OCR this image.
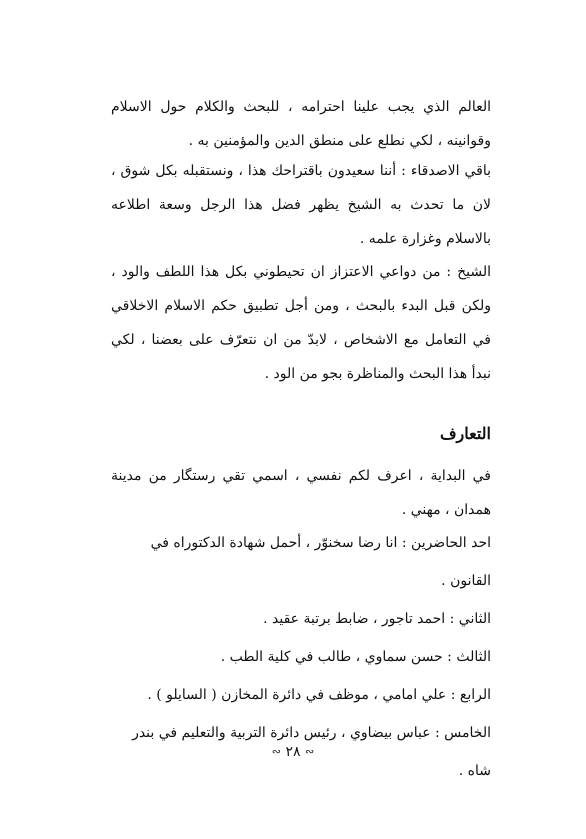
العالم الذي يجب علينا احترامه ، للبحث والكلام حول الاسلام وقوانينه ، لكي نطلع على منطق الدين والمؤمنين به .

باقي الاصدقاء : أننا سعيدون باقتراحك هذا ، ونستقبله بكل شوق ، لان ما تحدث به الشيخ يظهر فضل هذا الرجل وسعة اطلاعه بالاسلام وغزارة علمه .

الشيخ : من دواعي الاعتزاز ان تحيطوني بكل هذا اللطف والود ، ولكن قبل البدء بالبحث ، ومن أجل تطبيق حكم الاسلام الاخلاقي في التعامل مع الاشخاص ، لابدّ من ان نتعرّف على بعضنا ، لكي نبدأ هذا البحث والمناظرة بجو من الود .

التعارف

في البداية ، اعرف لكم نفسي ، اسمي تقي رستگار من مدينة همدان ، مهني .

احد الحاضرين : انا رضا سخنوّر ، أحمل شهادة الدكتوراه في القانون .
الثاني : احمد تاجور ، ضابط برتبة عقيد .
الثالث : حسن سماوي ، طالب في كلية الطب .
الرابع : علي امامي ، موظف في دائرة المخازن ( السايلو ) .
الخامس : عباس بيضاوي ، رئيس دائرة التربية والتعليم في بندر شاه .
∾ ٢٨ ∾
